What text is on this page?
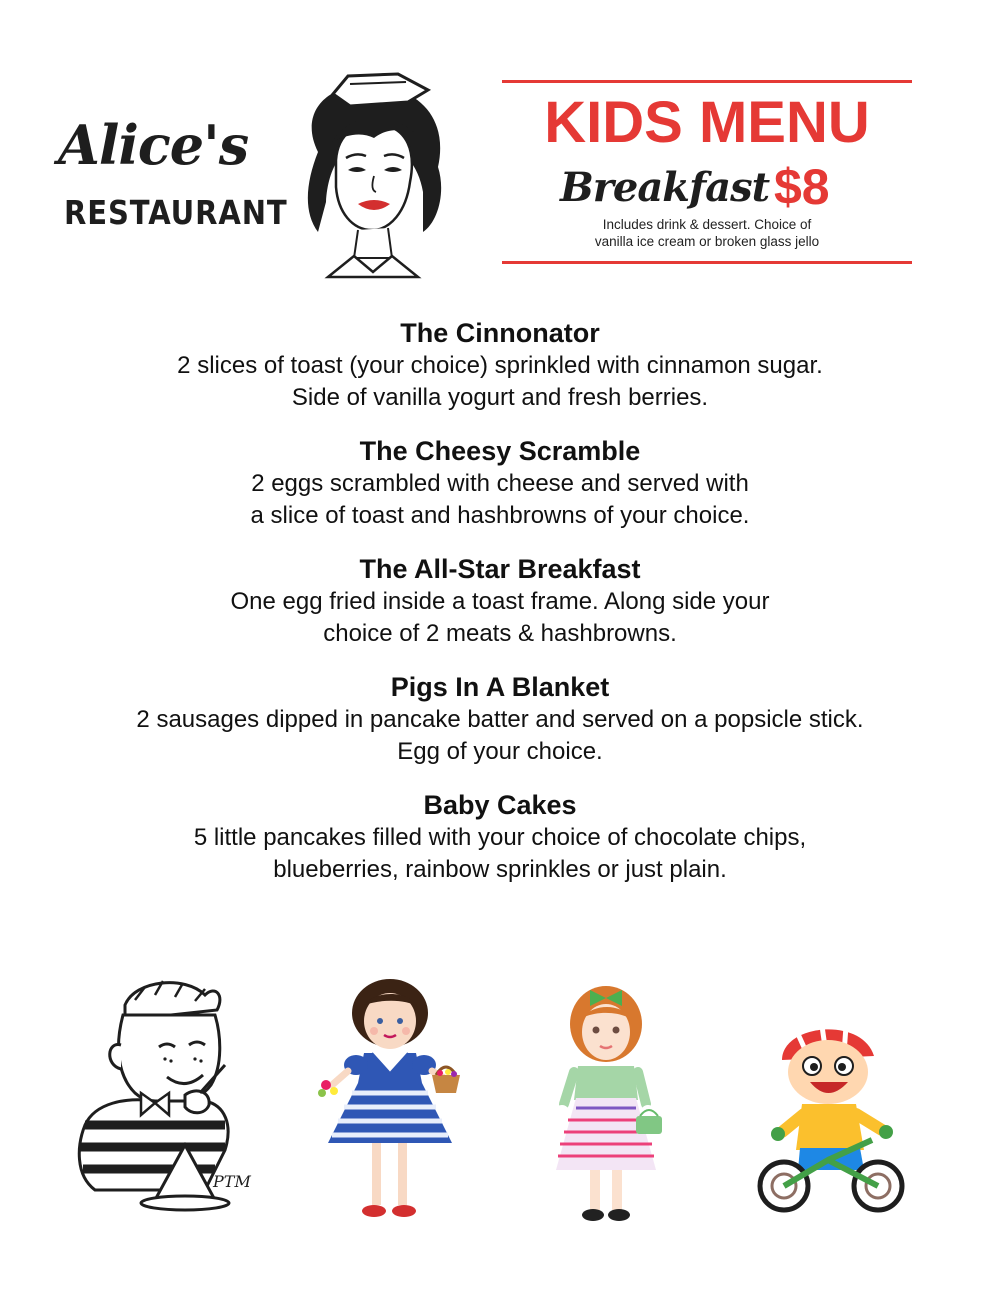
Alice's
RESTAURANT
KIDS MENU
Breakfast $8
Includes drink & dessert. Choice of
vanilla ice cream or broken glass jello
The Cinnonator
2 slices of toast (your choice) sprinkled with cinnamon sugar.
Side of vanilla yogurt and fresh berries.
The Cheesy Scramble
2 eggs scrambled with cheese and served with
a slice of toast and hashbrowns of your choice.
The All-Star Breakfast
One egg fried inside a toast frame. Along side your
choice of 2 meats & hashbrowns.
Pigs In A Blanket
2 sausages dipped in pancake batter and served on a popsicle stick.
Egg of your choice.
Baby Cakes
5 little pancakes filled with your choice of chocolate chips,
blueberries, rainbow sprinkles or just plain.
PTM
